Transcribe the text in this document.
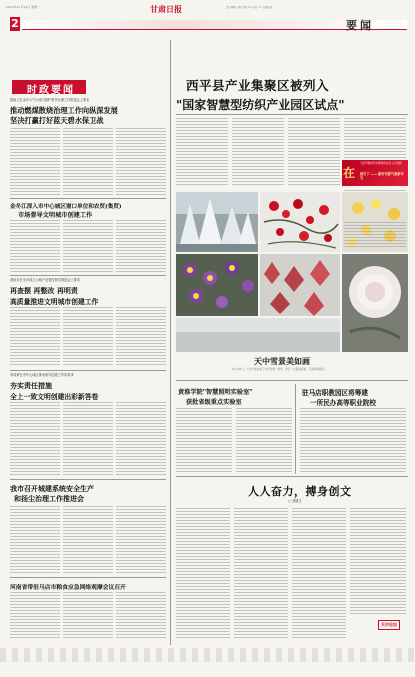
2019年11月11日 星期一	甘肃日报	责任编辑 王辉 美编 ×× 校对 ×× 责编电话
2	要闻
时政要闻
陇南文在金市大气污染"挂牌"督导办理工作推进会上要求
推动燃煤散烧治理工作向纵深发展
坚决打赢打好蓝天碧水保卫战
金冬江深入市中心城区窗口单位和农贸(集贸)
市场督导文明城市创建工作
酒泉市在全市抓文公厕产业管控督导推进会上要求
再查摆 再整改 再明责
高质量推进文明城市创建工作
李成黄在市中心城区推动督导创建工作时要求
夯实责任措施
全上一致文明创建出彩新答卷
我市召开城建系统安全生产
和扬尘治理工作推进会
河南省带驻马店市粮食应急网络观摩会议召开
西平县产业集聚区被列入
"国家智慧型纺织产业园区试点"
在
习近平新时代中国特色社会主义思想
指引下 —— 新时代新气象新作为
天中雪景美如画
11月10日，天中大地迎来了今冬的第一场雪，市区一片银装素裹，充满诗情画意。
黄淮学院"智慧照明实验室"
获批省级重点实验室
驻马店职教园区将筹建
一所民办高等职业院校
人人奋力，搏身创文
□ 刘继文
天中论坛
